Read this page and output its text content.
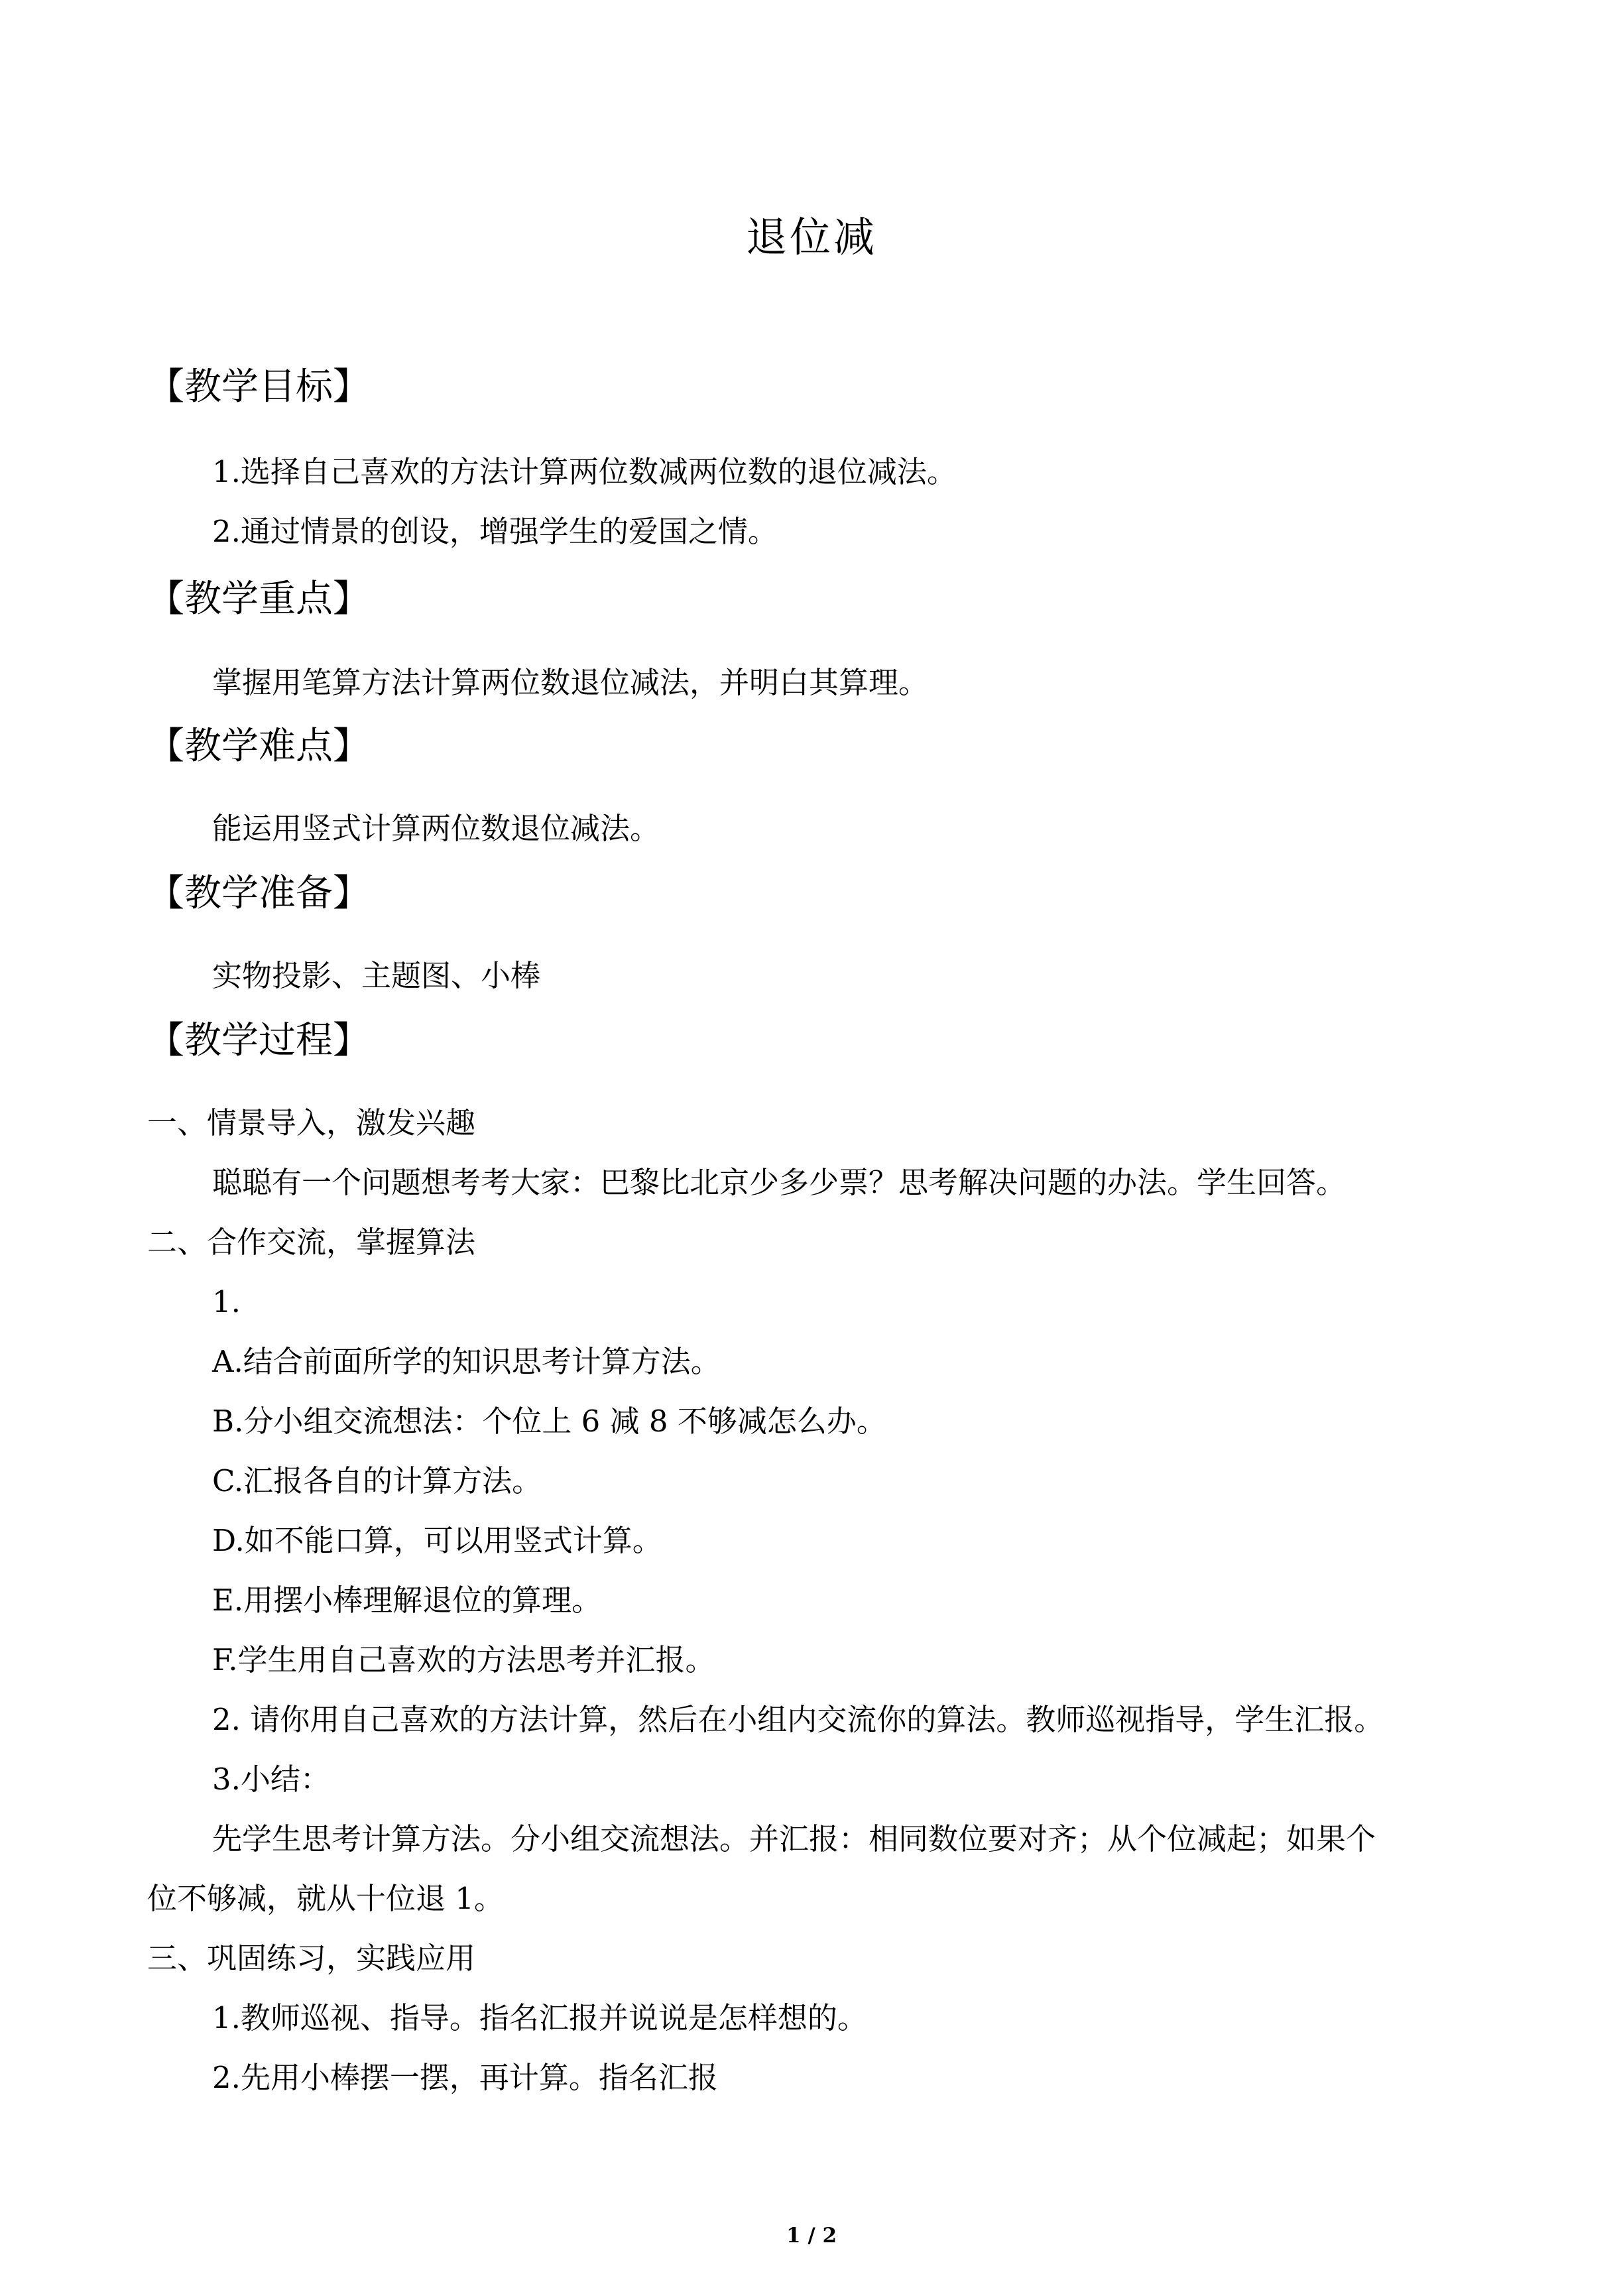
退位减
【教学目标】
1.选择自己喜欢的方法计算两位数减两位数的退位减法。
2.通过情景的创设，增强学生的爱国之情。
【教学重点】
掌握用笔算方法计算两位数退位减法，并明白其算理。
【教学难点】
能运用竖式计算两位数退位减法。
【教学准备】
实物投影、主题图、小棒
【教学过程】
一、情景导入，激发兴趣
聪聪有一个问题想考考大家：巴黎比北京少多少票？思考解决问题的办法。学生回答。
二、合作交流，掌握算法
1.
A.结合前面所学的知识思考计算方法。
B.分小组交流想法：个位上 6 减 8 不够减怎么办。
C.汇报各自的计算方法。
D.如不能口算，可以用竖式计算。
E.用摆小棒理解退位的算理。
F.学生用自己喜欢的方法思考并汇报。
2. 请你用自己喜欢的方法计算，然后在小组内交流你的算法。教师巡视指导，学生汇报。
3.小结：
先学生思考计算方法。分小组交流想法。并汇报：相同数位要对齐；从个位减起；如果个
位不够减，就从十位退 1。
三、巩固练习，实践应用
1.教师巡视、指导。指名汇报并说说是怎样想的。
2.先用小棒摆一摆，再计算。指名汇报
1 / 2
